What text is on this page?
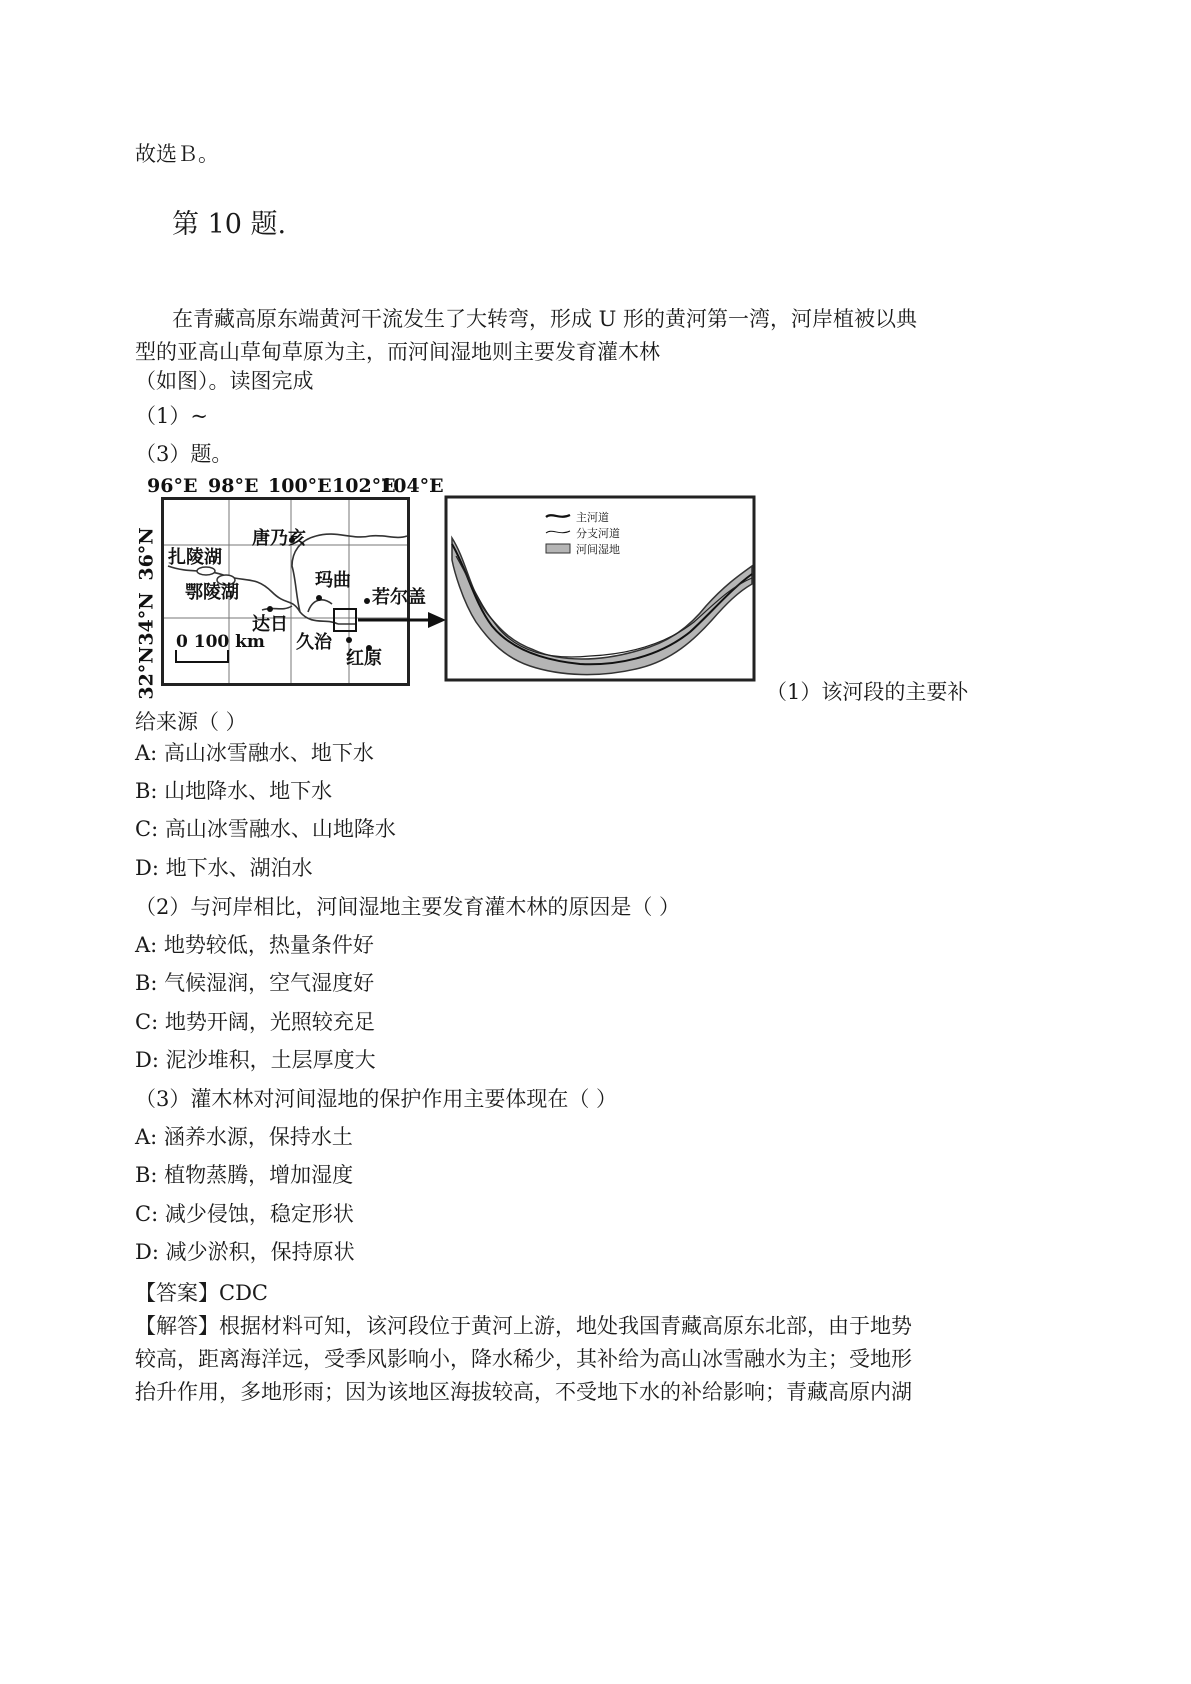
故选Ｂ。
第 10 题.
在青藏高原东端黄河干流发生了大转弯，形成 U 形的黄河第一湾，河岸植被以典
型的亚高山草甸草原为主，而河间湿地则主要发育灌木林
（如图）。读图完成
（1）~
（3）题。
96°E 98°E 100°E 102°E
104°E
36°N
34°N
32°N
唐乃亥
扎陵湖
玛曲
鄂陵湖	若尔盖
达日
久治
红原
0 100 km
主河道
分支河道
河间湿地
（1）该河段的主要补
给来源（ ）
A: 高山冰雪融水、地下水
B: 山地降水、地下水
C: 高山冰雪融水、山地降水
D: 地下水、湖泊水
（2）与河岸相比，河间湿地主要发育灌木林的原因是（ ）
A: 地势较低，热量条件好
B: 气候湿润，空气湿度好
C: 地势开阔，光照较充足
D: 泥沙堆积，土层厚度大
（3）灌木林对河间湿地的保护作用主要体现在（ ）
A: 涵养水源，保持水土
B: 植物蒸腾，增加湿度
C: 减少侵蚀，稳定形状
D: 减少淤积，保持原状
【答案】CDC
【解答】根据材料可知，该河段位于黄河上游，地处我国青藏高原东北部，由于地势
较高，距离海洋远，受季风影响小，降水稀少，其补给为高山冰雪融水为主；受地形
抬升作用，多地形雨；因为该地区海拔较高，不受地下水的补给影响；青藏高原内湖
